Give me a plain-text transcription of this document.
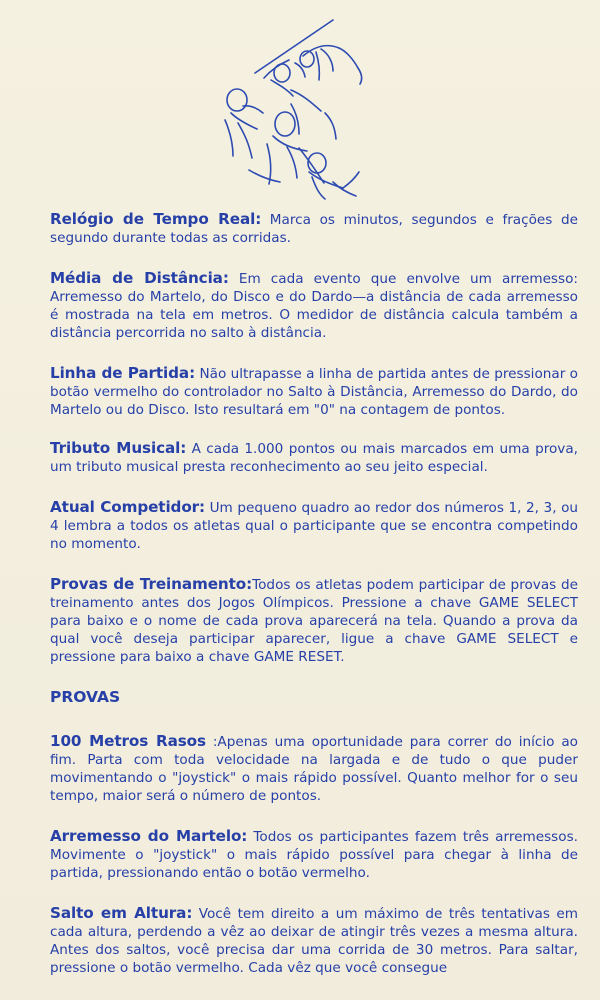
Relógio de Tempo Real: Marca os minutos, segundos e frações de segundo durante todas as corridas.
Média de Distância: Em cada evento que envolve um arremesso: Arremesso do Martelo, do Disco e do Dardo—a distância de cada arremesso é mostrada na tela em metros. O medidor de distância calcula também a distância percorrida no salto à distância.
Linha de Partida: Não ultrapasse a linha de partida antes de pressionar o botão vermelho do controlador no Salto à Distância, Arremesso do Dardo, do Martelo ou do Disco. Isto resultará em "0" na contagem de pontos.
Tributo Musical: A cada 1.000 pontos ou mais marcados em uma prova, um tributo musical presta reconhecimento ao seu jeito especial.
Atual Competidor: Um pequeno quadro ao redor dos números 1, 2, 3, ou 4 lembra a todos os atletas qual o participante que se encontra competindo no momento.
Provas de Treinamento:Todos os atletas podem participar de provas de treinamento antes dos Jogos Olímpicos. Pressione a chave GAME SELECT para baixo e o nome de cada prova aparecerá na tela. Quando a prova da qual você deseja participar aparecer, ligue a chave GAME SELECT e pressione para baixo a chave GAME RESET.
PROVAS
100 Metros Rasos :Apenas uma oportunidade para correr do início ao fim. Parta com toda velocidade na largada e de tudo o que puder movimentando o "joystick" o mais rápido possível. Quanto melhor for o seu tempo, maior será o número de pontos.
Arremesso do Martelo: Todos os participantes fazem três arremessos. Movimente o "joystick" o mais rápido possível para chegar à linha de partida, pressionando então o botão vermelho.
Salto em Altura: Você tem direito a um máximo de três tentativas em cada altura, perdendo a vêz ao deixar de atingir três vezes a mesma altura. Antes dos saltos, você precisa dar uma corrida de 30 metros. Para saltar, pressione o botão vermelho. Cada vêz que você consegue
